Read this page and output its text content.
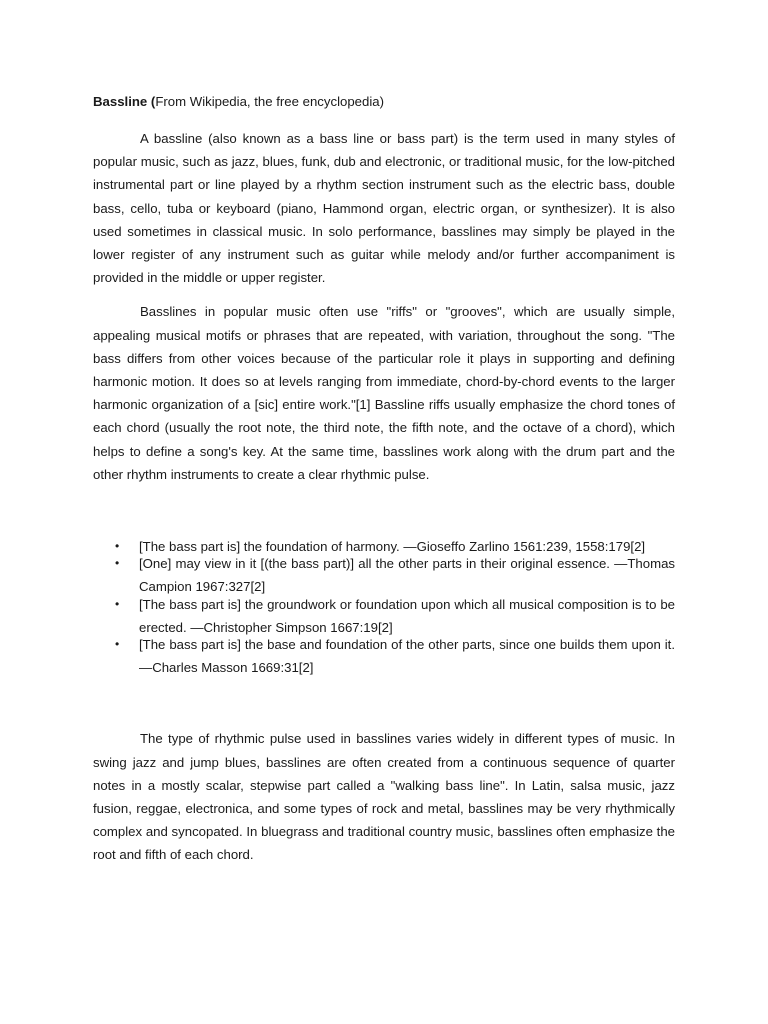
Bassline (From Wikipedia, the free encyclopedia)

A bassline (also known as a bass line or bass part) is the term used in many styles of popular music, such as jazz, blues, funk, dub and electronic, or traditional music, for the low-pitched instrumental part or line played by a rhythm section instrument such as the electric bass, double bass, cello, tuba or keyboard (piano, Hammond organ, electric organ, or synthesizer). It is also used sometimes in classical music. In solo performance, basslines may simply be played in the lower register of any instrument such as guitar while melody and/or further accompaniment is provided in the middle or upper register.

Basslines in popular music often use "riffs" or "grooves", which are usually simple, appealing musical motifs or phrases that are repeated, with variation, throughout the song. "The bass differs from other voices because of the particular role it plays in supporting and defining harmonic motion. It does so at levels ranging from immediate, chord-by-chord events to the larger harmonic organization of a [sic] entire work."[1] Bassline riffs usually emphasize the chord tones of each chord (usually the root note, the third note, the fifth note, and the octave of a chord), which helps to define a song's key. At the same time, basslines work along with the drum part and the other rhythm instruments to create a clear rhythmic pulse.

• [The bass part is] the foundation of harmony. —Gioseffo Zarlino 1561:239, 1558:179[2]
• [One] may view in it [(the bass part)] all the other parts in their original essence. —Thomas Campion 1967:327[2]
• [The bass part is] the groundwork or foundation upon which all musical composition is to be erected. —Christopher Simpson 1667:19[2]
• [The bass part is] the base and foundation of the other parts, since one builds them upon it. —Charles Masson 1669:31[2]

The type of rhythmic pulse used in basslines varies widely in different types of music. In swing jazz and jump blues, basslines are often created from a continuous sequence of quarter notes in a mostly scalar, stepwise part called a "walking bass line". In Latin, salsa music, jazz fusion, reggae, electronica, and some types of rock and metal, basslines may be very rhythmically complex and syncopated. In bluegrass and traditional country music, basslines often emphasize the root and fifth of each chord.
